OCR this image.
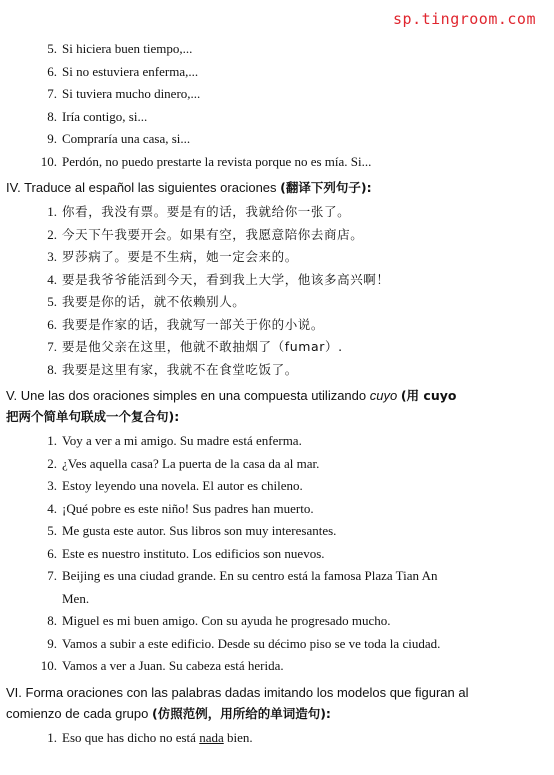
sp.tingroom.com
5. Si hiciera buen tiempo,...
6. Si no estuviera enferma,...
7. Si tuviera mucho dinero,...
8. Iría contigo, si...
9. Compraría una casa, si...
10. Perdón, no puedo prestarte la revista porque no es mía. Si...
IV. Traduce al español las siguientes oraciones (翻译下列句子):
1. 你看，我没有票。要是有的话，我就给你一张了。
2. 今天下午我要开会。如果有空，我愿意陪你去商店。
3. 罗莎病了。要是不生病，她一定会来的。
4. 要是我爷爷能活到今天，看到我上大学，他该多高兴啊！
5. 我要是你的话，就不依赖别人。
6. 我要是作家的话，我就写一部关于你的小说。
7. 要是他父亲在这里，他就不敢抽烟了（fumar）.
8. 我要是这里有家，我就不在食堂吃饭了。
V. Une las dos oraciones simples en una compuesta utilizando cuyo (用 cuyo
把两个简单句联成一个复合句):
1. Voy a ver a mi amigo. Su madre está enferma.
2. ¿Ves aquella casa? La puerta de la casa da al mar.
3. Estoy leyendo una novela. El autor es chileno.
4. ¡Qué pobre es este niño! Sus padres han muerto.
5. Me gusta este autor. Sus libros son muy interesantes.
6. Este es nuestro instituto. Los edificios son nuevos.
7. Beijing es una ciudad grande. En su centro está la famosa Plaza Tian An
Men.
8. Miguel es mi buen amigo. Con su ayuda he progresado mucho.
9. Vamos a subir a este edificio. Desde su décimo piso se ve toda la ciudad.
10. Vamos a ver a Juan. Su cabeza está herida.
VI. Forma oraciones con las palabras dadas imitando los modelos que figuran al
comienzo de cada grupo (仿照范例，用所给的单词造句):
1. Eso que has dicho no está nada bien.
